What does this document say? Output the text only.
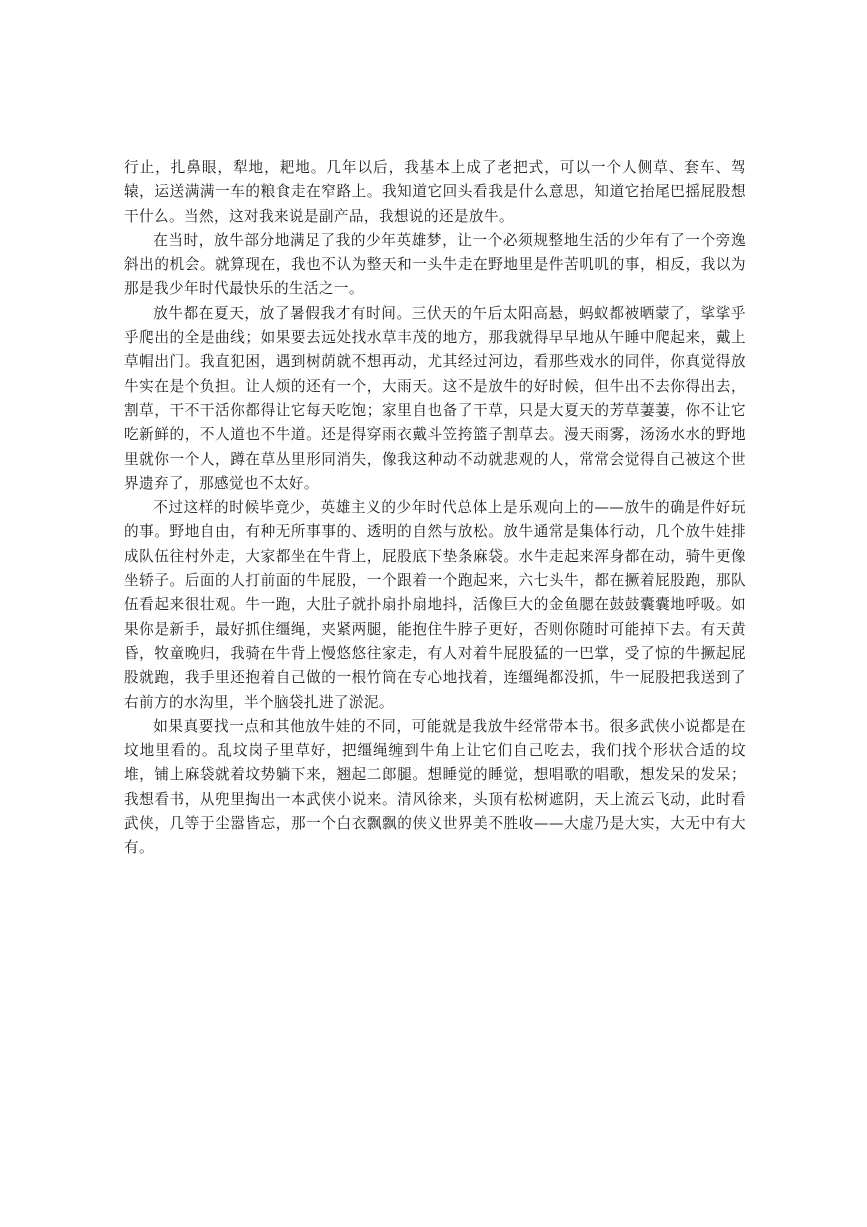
行止，扎鼻眼，犁地，耙地。几年以后，我基本上成了老把式，可以一个人侧草、套车、驾辕，运送满满一车的粮食走在窄路上。我知道它回头看我是什么意思，知道它抬尾巴摇屁股想干什么。当然，这对我来说是副产品，我想说的还是放牛。

在当时，放牛部分地满足了我的少年英雄梦，让一个必须规整地生活的少年有了一个旁逸斜出的机会。就算现在，我也不认为整天和一头牛走在野地里是件苦叽叽的事，相反，我以为那是我少年时代最快乐的生活之一。

放牛都在夏天，放了暑假我才有时间。三伏天的午后太阳高悬，蚂蚁都被晒蒙了，挲挲乎乎爬出的全是曲线；如果要去远处找水草丰茂的地方，那我就得早早地从午睡中爬起来，戴上草帽出门。我直犯困，遇到树荫就不想再动，尤其经过河边，看那些戏水的同伴，你真觉得放牛实在是个负担。让人烦的还有一个，大雨天。这不是放牛的好时候，但牛出不去你得出去，割草，干不干活你都得让它每天吃饱；家里自也备了干草，只是大夏天的芳草萋萋，你不让它吃新鲜的，不人道也不牛道。还是得穿雨衣戴斗笠挎篮子割草去。漫天雨雾，汤汤水水的野地里就你一个人，蹲在草丛里形同消失，像我这种动不动就悲观的人，常常会觉得自己被这个世界遗弃了，那感觉也不太好。

不过这样的时候毕竟少，英雄主义的少年时代总体上是乐观向上的——放牛的确是件好玩的事。野地自由，有种无所事事的、透明的自然与放松。放牛通常是集体行动，几个放牛娃排成队伍往村外走，大家都坐在牛背上，屁股底下垫条麻袋。水牛走起来浑身都在动，骑牛更像坐轿子。后面的人打前面的牛屁股，一个跟着一个跑起来，六七头牛，都在撅着屁股跑，那队伍看起来很壮观。牛一跑，大肚子就扑扇扑扇地抖，活像巨大的金鱼腮在鼓鼓囊囊地呼吸。如果你是新手，最好抓住缰绳，夹紧两腿，能抱住牛脖子更好，否则你随时可能掉下去。有天黄昏，牧童晚归，我骑在牛背上慢悠悠往家走，有人对着牛屁股猛的一巴掌，受了惊的牛撅起屁股就跑，我手里还抱着自己做的一根竹筒在专心地找着，连缰绳都没抓，牛一屁股把我送到了右前方的水沟里，半个脑袋扎进了淤泥。

如果真要找一点和其他放牛娃的不同，可能就是我放牛经常带本书。很多武侠小说都是在坟地里看的。乱坟岗子里草好，把缰绳缠到牛角上让它们自己吃去，我们找个形状合适的坟堆，铺上麻袋就着坟势躺下来，翘起二郎腿。想睡觉的睡觉，想唱歌的唱歌，想发呆的发呆；我想看书，从兜里掏出一本武侠小说来。清风徐来，头顶有松树遮阴，天上流云飞动，此时看武侠，几等于尘嚣皆忘，那一个白衣飘飘的侠义世界美不胜收——大虚乃是大实，大无中有大有。
